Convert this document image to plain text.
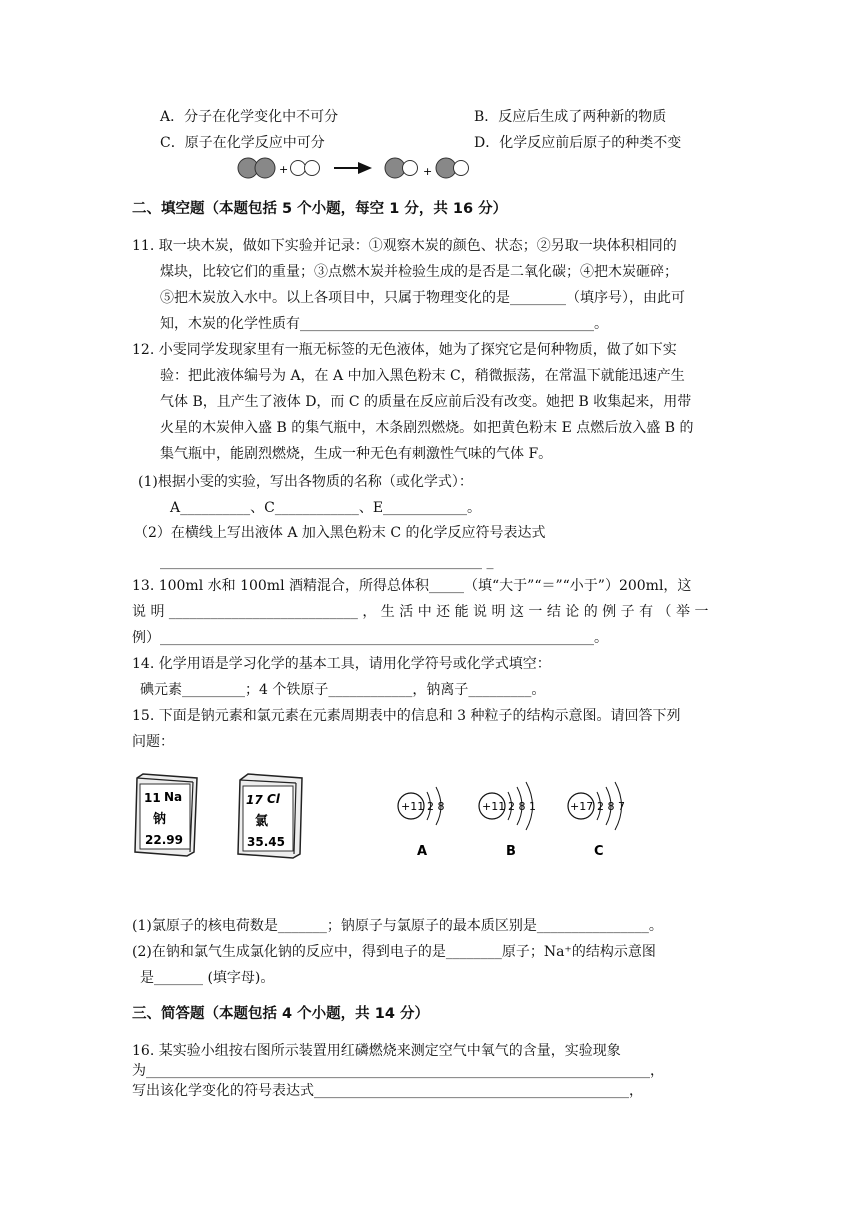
A．分子在化学变化中不可分	B．反应后生成了两种新的物质
C．原子在化学反应中可分	D．化学反应前后原子的种类不变
+	+
二、填空题（本题包括 5 个小题，每空 1 分，共 16 分）
11. 取一块木炭，做如下实验并记录：①观察木炭的颜色、状态；②另取一块体积相同的
煤块，比较它们的重量；③点燃木炭并检验生成的是否是二氧化碳；④把木炭砸碎；
⑤把木炭放入水中。以上各项目中，只属于物理变化的是________（填序号），由此可
知，木炭的化学性质有__________________________________________。
12. 小雯同学发现家里有一瓶无标签的无色液体，她为了探究它是何种物质，做了如下实
验：把此液体编号为 A，在 A 中加入黑色粉末 C，稍微振荡，在常温下就能迅速产生
气体 B，且产生了液体 D，而 C 的质量在反应前后没有改变。她把 B 收集起来，用带
火星的木炭伸入盛 B 的集气瓶中，木条剧烈燃烧。如把黄色粉末 E 点燃后放入盛 B 的
集气瓶中，能剧烈燃烧，生成一种无色有刺激性气味的气体 F。
(1)根据小雯的实验，写出各物质的名称（或化学式）：
A__________、C____________、E____________。
（2）在横线上写出液体 A 加入黑色粉末 C 的化学反应符号表达式
______________________________________________ _
13. 100ml 水和 100ml 酒精混合，所得总体积_____（填“大于”“＝”“小于”）200ml，这
说 明 ___________________________ ， 生 活 中 还 能 说 明 这 一 结 论 的 例 子 有 （ 举 一
例）______________________________________________________________。
14. 化学用语是学习化学的基本工具，请用化学符号或化学式填空：
碘元素_________；4 个铁原子____________，钠离子_________。
15. 下面是钠元素和氯元素在元素周期表中的信息和 3 种粒子的结构示意图。请回答下列
问题：
11 Na
钠
22.99
17 Cl
氯
35.45
+11 2 8
A
+11 2 8 1
B
+17 2 8 7
C
(1)氯原子的核电荷数是_______；钠原子与氯原子的最本质区别是________________。
(2)在钠和氯气生成氯化钠的反应中，得到电子的是________原子；Na⁺的结构示意图
是_______ (填字母)。
三、简答题（本题包括 4 个小题，共 14 分）
16. 某实验小组按右图所示装置用红磷燃烧来测定空气中氧气的含量，实验现象
为________________________________________________________________________，
写出该化学变化的符号表达式_____________________________________________，
